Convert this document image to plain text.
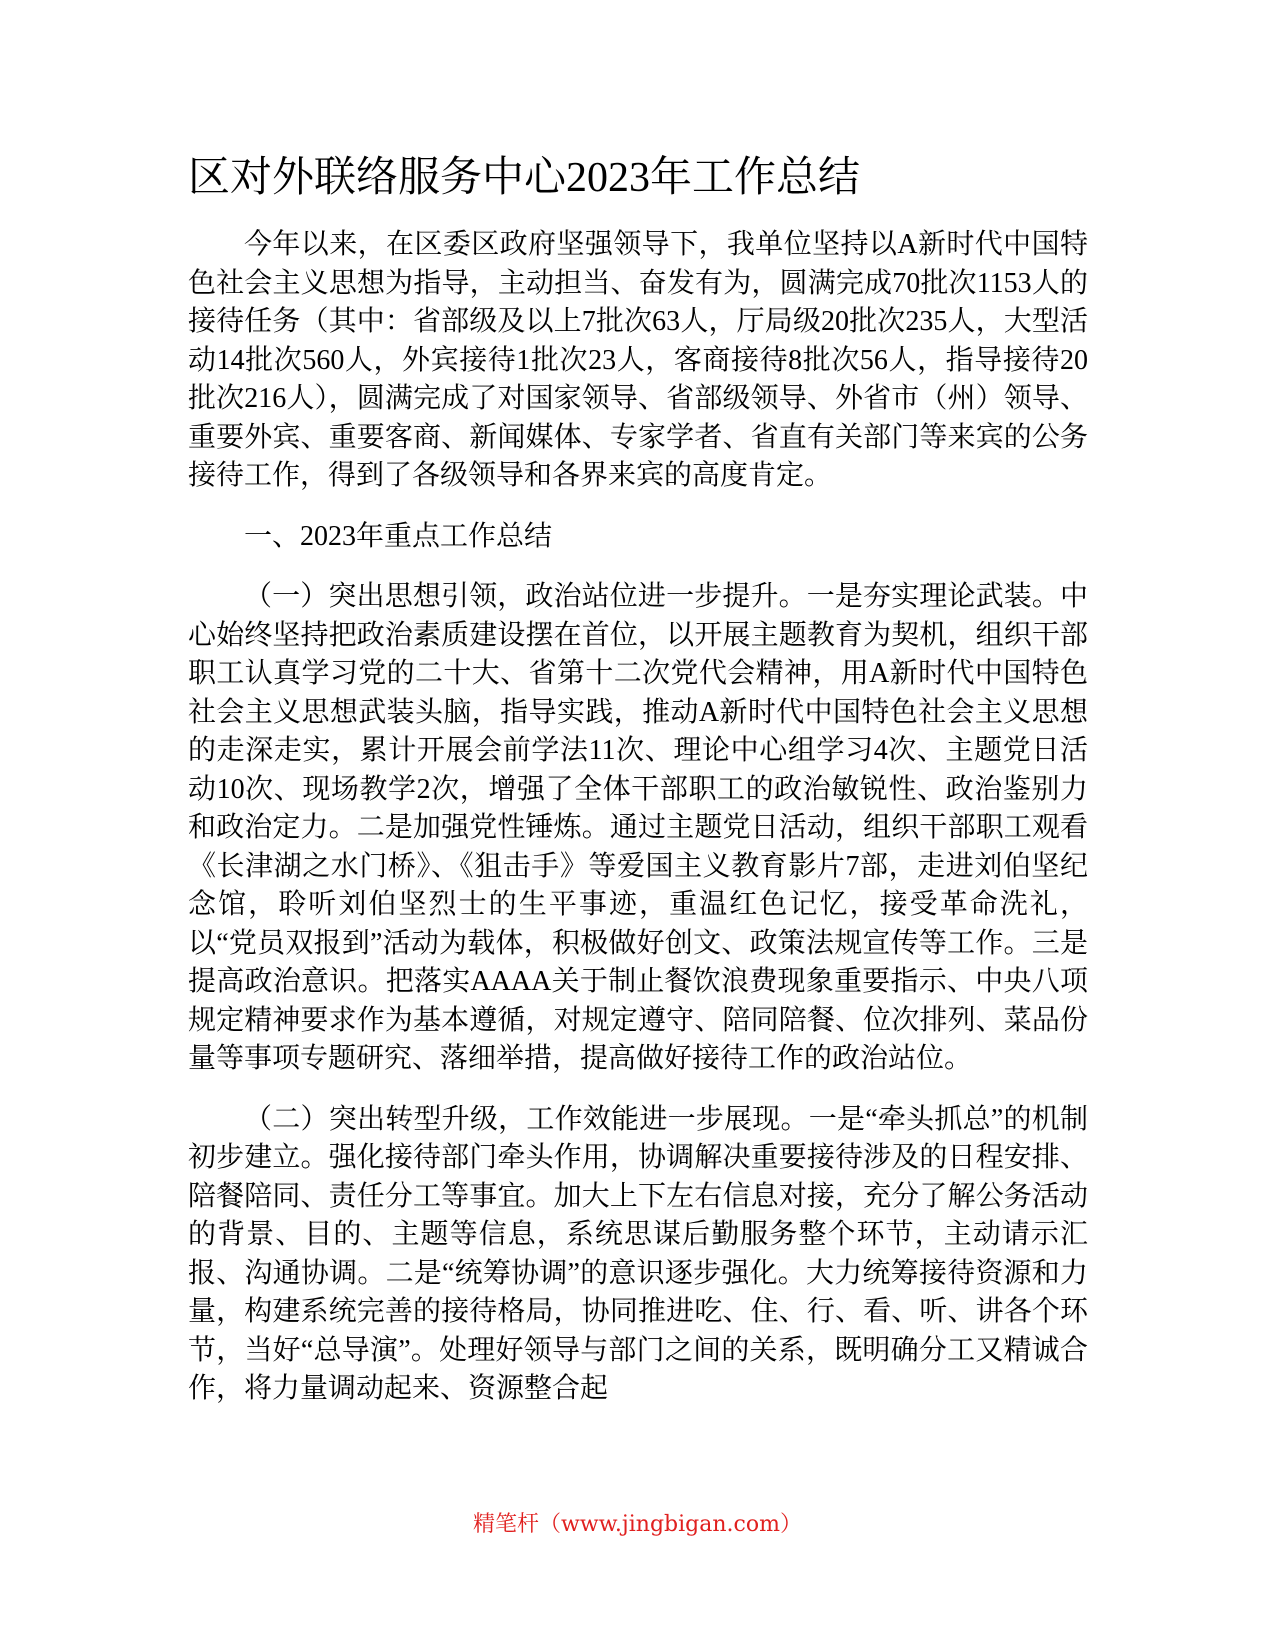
区对外联络服务中心2023年工作总结

今年以来，在区委区政府坚强领导下，我单位坚持以A新时代中国特色社会主义思想为指导，主动担当、奋发有为，圆满完成70批次1153人的接待任务（其中：省部级及以上7批次63人，厅局级20批次235人，大型活动14批次560人，外宾接待1批次23人，客商接待8批次56人，指导接待20批次216人），圆满完成了对国家领导、省部级领导、外省市（州）领导、重要外宾、重要客商、新闻媒体、专家学者、省直有关部门等来宾的公务接待工作，得到了各级领导和各界来宾的高度肯定。

一、2023年重点工作总结

（一）突出思想引领，政治站位进一步提升。一是夯实理论武装。中心始终坚持把政治素质建设摆在首位，以开展主题教育为契机，组织干部职工认真学习党的二十大、省第十二次党代会精神，用A新时代中国特色社会主义思想武装头脑，指导实践，推动A新时代中国特色社会主义思想的走深走实，累计开展会前学法11次、理论中心组学习4次、主题党日活动10次、现场教学2次，增强了全体干部职工的政治敏锐性、政治鉴别力和政治定力。二是加强党性锤炼。通过主题党日活动，组织干部职工观看《长津湖之水门桥》、《狙击手》等爱国主义教育影片7部，走进刘伯坚纪念馆，聆听刘伯坚烈士的生平事迹，重温红色记忆，接受革命洗礼，以“党员双报到”活动为载体，积极做好创文、政策法规宣传等工作。三是提高政治意识。把落实AAAA关于制止餐饮浪费现象重要指示、中央八项规定精神要求作为基本遵循，对规定遵守、陪同陪餐、位次排列、菜品份量等事项专题研究、落细举措，提高做好接待工作的政治站位。

（二）突出转型升级，工作效能进一步展现。一是“牵头抓总”的机制初步建立。强化接待部门牵头作用，协调解决重要接待涉及的日程安排、陪餐陪同、责任分工等事宜。加大上下左右信息对接，充分了解公务活动的背景、目的、主题等信息，系统思谋后勤服务整个环节，主动请示汇报、沟通协调。二是“统筹协调”的意识逐步强化。大力统筹接待资源和力量，构建系统完善的接待格局，协同推进吃、住、行、看、听、讲各个环节，当好“总导演”。处理好领导与部门之间的关系，既明确分工又精诚合作，将力量调动起来、资源整合起

精笔杆（www.jingbigan.com）
